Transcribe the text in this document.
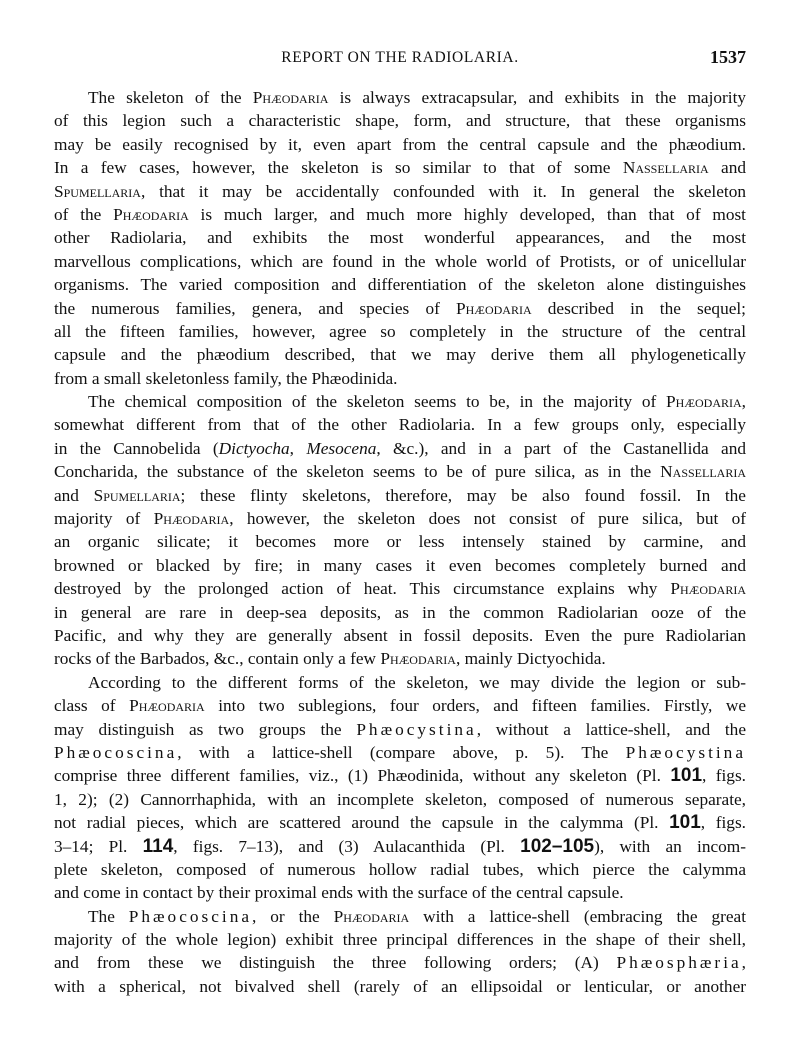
REPORT ON THE RADIOLARIA.	1537
The skeleton of the Phæodaria is always extracapsular, and exhibits in the majority
of this legion such a characteristic shape, form, and structure, that these organisms
may be easily recognised by it, even apart from the central capsule and the phæodium.
In a few cases, however, the skeleton is so similar to that of some Nassellaria and
Spumellaria, that it may be accidentally confounded with it. In general the skeleton
of the Phæodaria is much larger, and much more highly developed, than that of most
other Radiolaria, and exhibits the most wonderful appearances, and the most
marvellous complications, which are found in the whole world of Protists, or of unicellular
organisms. The varied composition and differentiation of the skeleton alone distinguishes
the numerous families, genera, and species of Phæodaria described in the sequel;
all the fifteen families, however, agree so completely in the structure of the central
capsule and the phæodium described, that we may derive them all phylogenetically
from a small skeletonless family, the Phæodinida.
The chemical composition of the skeleton seems to be, in the majority of Phæodaria,
somewhat different from that of the other Radiolaria. In a few groups only, especially
in the Cannobelida (Dictyocha, Mesocena, &c.), and in a part of the Castanellida and
Concharida, the substance of the skeleton seems to be of pure silica, as in the Nassellaria
and Spumellaria; these flinty skeletons, therefore, may be also found fossil. In the
majority of Phæodaria, however, the skeleton does not consist of pure silica, but of
an organic silicate; it becomes more or less intensely stained by carmine, and
browned or blacked by fire; in many cases it even becomes completely burned and
destroyed by the prolonged action of heat. This circumstance explains why Phæodaria
in general are rare in deep-sea deposits, as in the common Radiolarian ooze of the
Pacific, and why they are generally absent in fossil deposits. Even the pure Radiolarian
rocks of the Barbados, &c., contain only a few Phæodaria, mainly Dictyochida.
According to the different forms of the skeleton, we may divide the legion or sub-
class of Phæodaria into two sublegions, four orders, and fifteen families. Firstly, we
may distinguish as two groups the Phæocystina, without a lattice-shell, and the
Phæocoscina, with a lattice-shell (compare above, p. 5). The Phæocystina
comprise three different families, viz., (1) Phæodinida, without any skeleton (Pl. 101, figs.
1, 2); (2) Cannorrhaphida, with an incomplete skeleton, composed of numerous separate,
not radial pieces, which are scattered around the capsule in the calymma (Pl. 101, figs.
3–14; Pl. 114, figs. 7–13), and (3) Aulacanthida (Pl. 102–105), with an incom-
plete skeleton, composed of numerous hollow radial tubes, which pierce the calymma
and come in contact by their proximal ends with the surface of the central capsule.
The Phæocoscina, or the Phæodaria with a lattice-shell (embracing the great
majority of the whole legion) exhibit three principal differences in the shape of their shell,
and from these we distinguish the three following orders; (A) Phæosphæria,
with a spherical, not bivalved shell (rarely of an ellipsoidal or lenticular, or another
